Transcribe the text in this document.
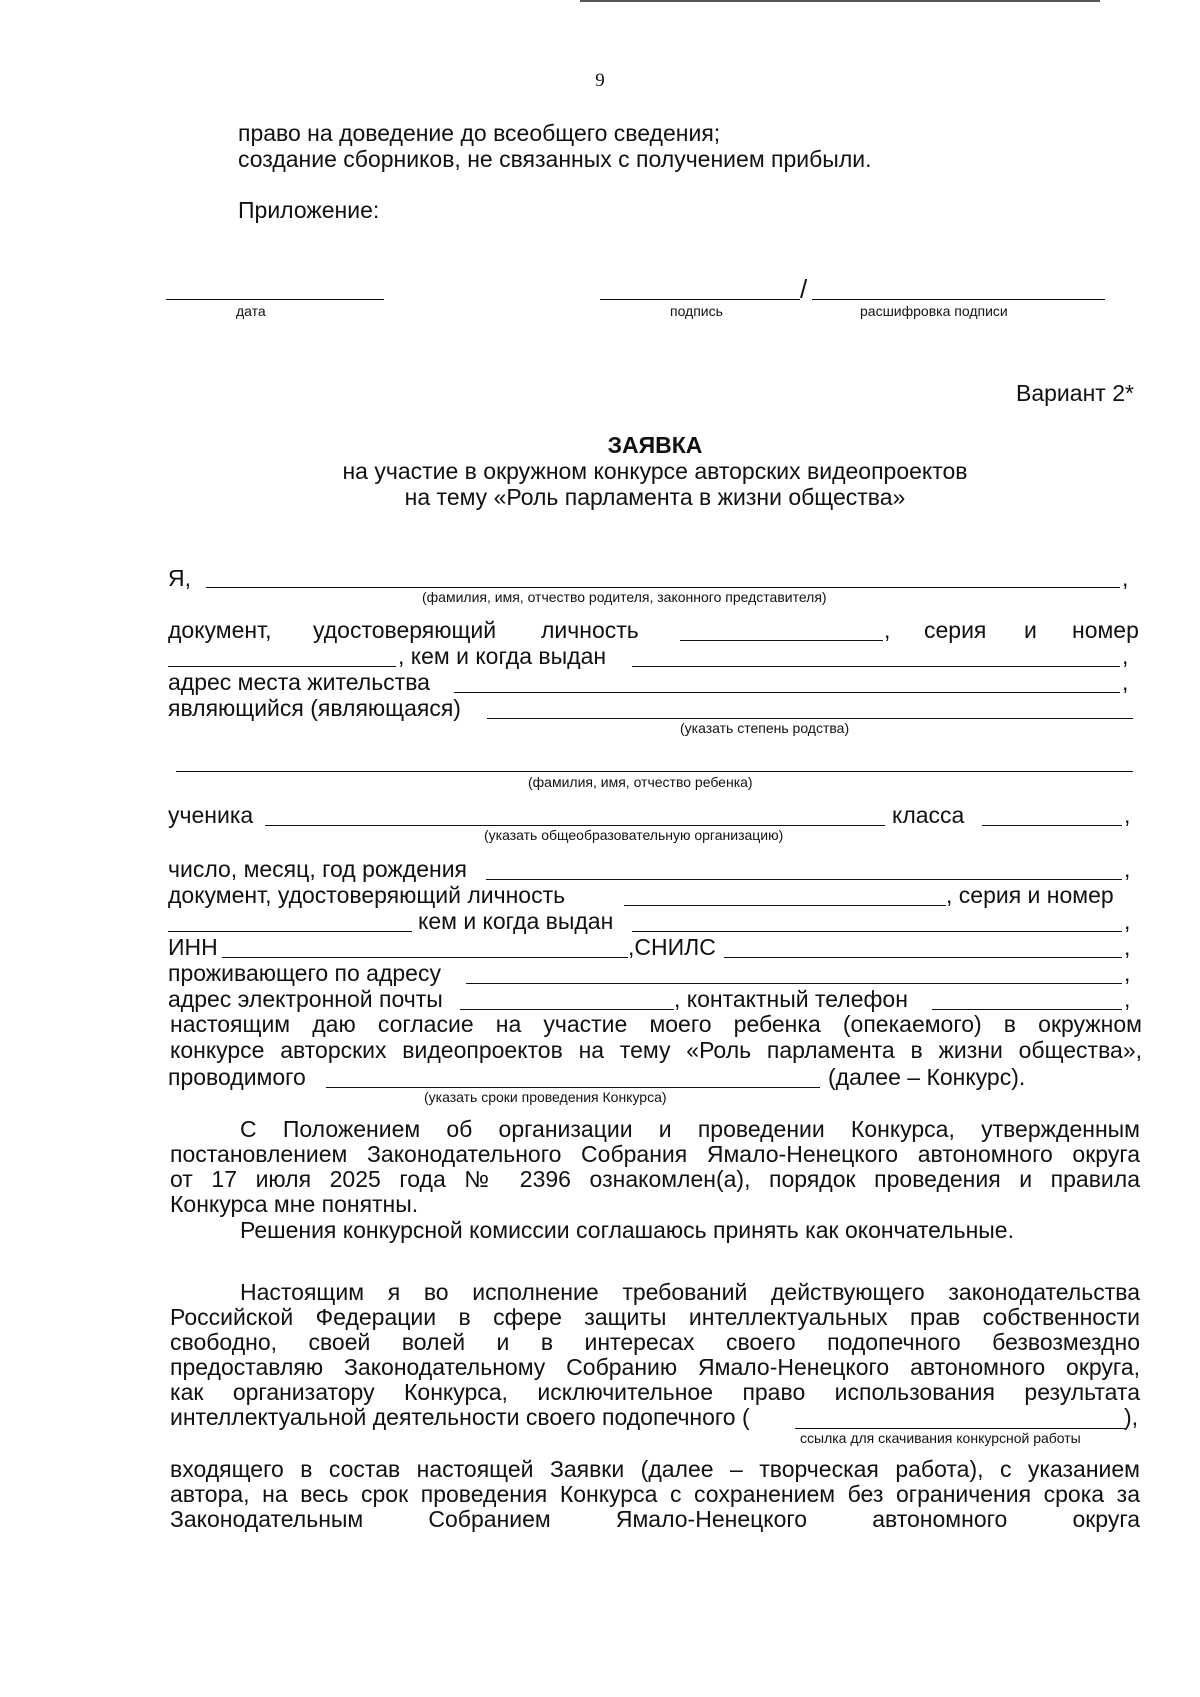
9
право на доведение до всеобщего сведения;
создание сборников, не связанных с получением прибыли.
Приложение:
дата
/
подпись	расшифровка подписи
Вариант 2*
ЗАЯВКА
на участие в окружном конкурсе авторских видеопроектов
на тему «Роль парламента в жизни общества»
Я,	,
(фамилия, имя, отчество родителя, законного представителя)
документ, удостоверяющий личность	, серия и номер
, кем и когда выдан	,
адрес места жительства	,
являющийся (являющаяся)
(указать степень родства)
(фамилия, имя, отчество ребенка)
ученика	класса	,
(указать общеобразовательную организацию)
число, месяц, год рождения	,
документ, удостоверяющий личность	, серия и номер
кем и когда выдан	,
ИНН	,СНИЛС	,
проживающего по адресу	,
адрес электронной почты	, контактный телефон	,
настоящим даю согласие на участие моего ребенка (опекаемого) в окружном
конкурсе авторских видеопроектов на тему «Роль парламента в жизни общества»,
проводимого	(далее – Конкурс).
(указать сроки проведения Конкурса)
С Положением об организации и проведении Конкурса, утвержденным
постановлением Законодательного Собрания Ямало-Ненецкого автономного округа
от 17 июля 2025 года № 2396 ознакомлен(а), порядок проведения и правила
Конкурса мне понятны.
Решения конкурсной комиссии соглашаюсь принять как окончательные.
Настоящим я во исполнение требований действующего законодательства
Российской Федерации в сфере защиты интеллектуальных прав собственности
свободно, своей волей и в интересах своего подопечного безвозмездно
предоставляю Законодательному Собранию Ямало-Ненецкого автономного округа,
как организатору Конкурса, исключительное право использования результата
интеллектуальной деятельности своего подопечного (	),
ссылка для скачивания конкурсной работы
входящего в состав настоящей Заявки (далее – творческая работа), с указанием
автора, на весь срок проведения Конкурса с сохранением без ограничения срока за
Законодательным	Собранием	Ямало-Ненецкого	автономного	округа
